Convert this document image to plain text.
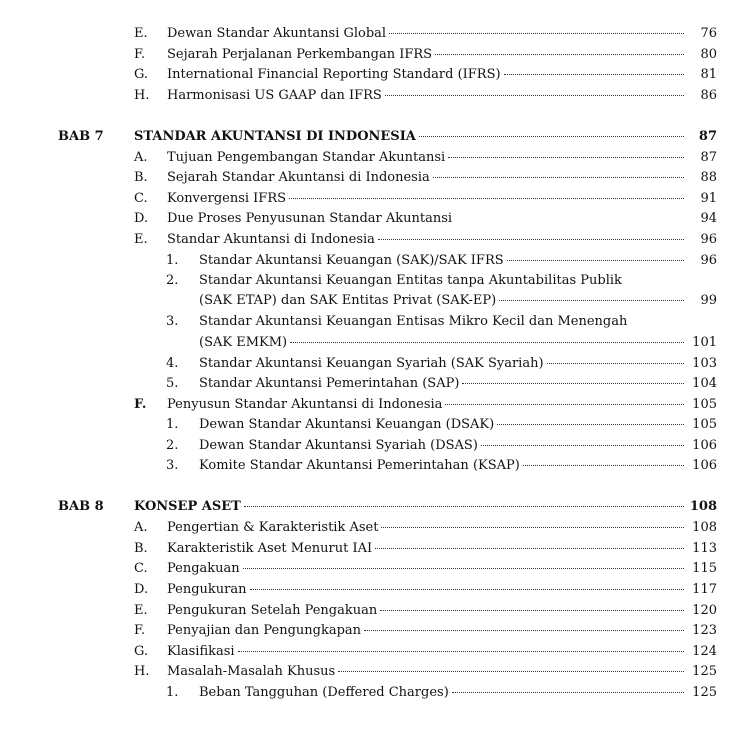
E. Dewan Standar Akuntansi Global	76
F. Sejarah Perjalanan Perkembangan IFRS	80
G. International Financial Reporting Standard (IFRS)	81
H. Harmonisasi US GAAP dan IFRS	86
BAB 7 STANDAR AKUNTANSI DI INDONESIA	87
A. Tujuan Pengembangan Standar Akuntansi	87
B. Sejarah Standar Akuntansi di Indonesia	88
C. Konvergensi IFRS	91
D. Due Proses Penyusunan Standar Akuntansi	94
E. Standar Akuntansi di Indonesia	96
1. Standar Akuntansi Keuangan (SAK)/SAK IFRS	96
2. Standar Akuntansi Keuangan Entitas tanpa Akuntabilitas Publik
(SAK ETAP) dan SAK Entitas Privat (SAK-EP)	99
3. Standar Akuntansi Keuangan Entisas Mikro Kecil dan Menengah
(SAK EMKM)	101
4. Standar Akuntansi Keuangan Syariah (SAK Syariah)	103
5. Standar Akuntansi Pemerintahan (SAP)	104
F. Penyusun Standar Akuntansi di Indonesia	105
1. Dewan Standar Akuntansi Keuangan (DSAK)	105
2. Dewan Standar Akuntansi Syariah (DSAS)	106
3. Komite Standar Akuntansi Pemerintahan (KSAP)	106
BAB 8 KONSEP ASET	108
A. Pengertian & Karakteristik Aset	108
B. Karakteristik Aset Menurut IAI	113
C. Pengakuan	115
D. Pengukuran	117
E. Pengukuran Setelah Pengakuan	120
F. Penyajian dan Pengungkapan	123
G. Klasifikasi	124
H. Masalah-Masalah Khusus	125
1. Beban Tangguhan (Deffered Charges)	125
